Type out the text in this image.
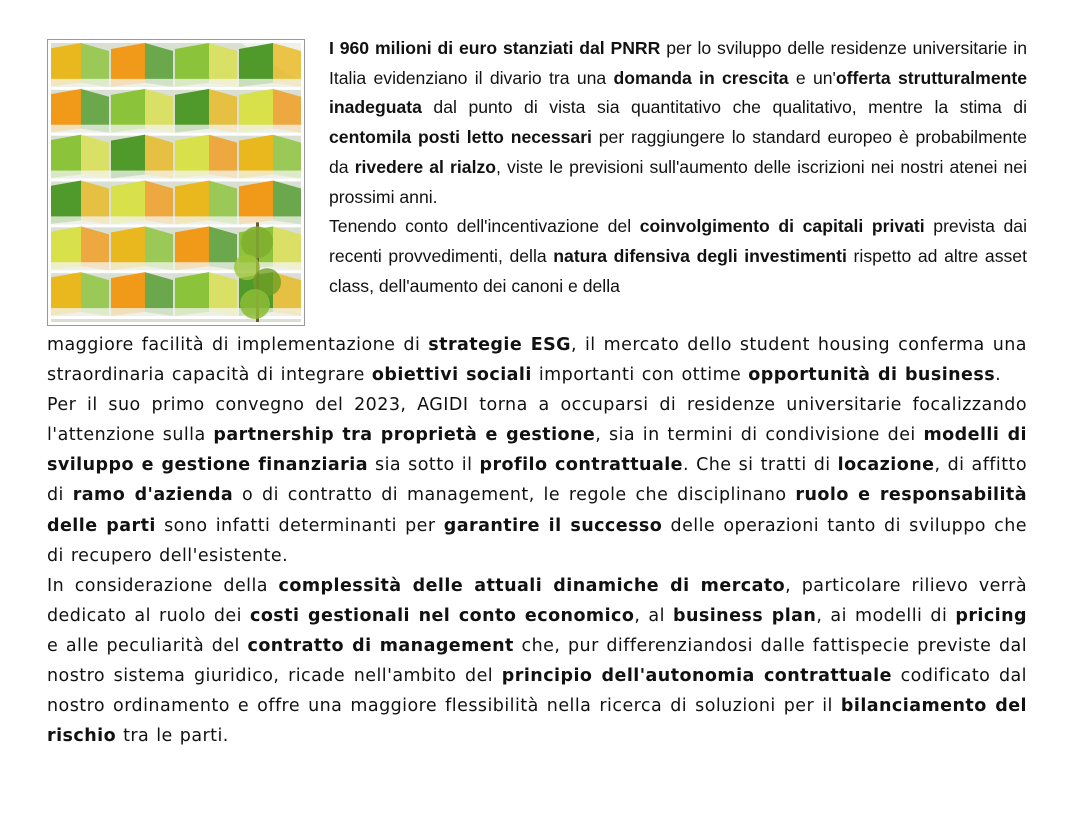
I 960 milioni di euro stanziati dal PNRR per lo sviluppo delle residenze universitarie in Italia evidenziano il divario tra una domanda in crescita e un'offerta strutturalmente inadeguata dal punto di vista sia quantitativo che qualitativo, mentre la stima di centomila posti letto necessari per raggiungere lo standard europeo è probabilmente da rivedere al rialzo, viste le previsioni sull'aumento delle iscrizioni nei nostri atenei nei prossimi anni.
Tenendo conto dell'incentivazione del coinvolgimento di capitali privati prevista dai recenti provvedimenti, della natura difensiva degli investimenti rispetto ad altre asset class, dell'aumento dei canoni e della

maggiore facilità di implementazione di strategie ESG, il mercato dello student housing conferma una straordinaria capacità di integrare obiettivi sociali importanti con ottime opportunità di business.
Per il suo primo convegno del 2023, AGIDI torna a occuparsi di residenze universitarie focalizzando l'attenzione sulla partnership tra proprietà e gestione, sia in termini di condivisione dei modelli di sviluppo e gestione finanziaria sia sotto il profilo contrattuale. Che si tratti di locazione, di affitto di ramo d'azienda o di contratto di management, le regole che disciplinano ruolo e responsabilità delle parti sono infatti determinanti per garantire il successo delle operazioni tanto di sviluppo che di recupero dell'esistente.
In considerazione della complessità delle attuali dinamiche di mercato, particolare rilievo verrà dedicato al ruolo dei costi gestionali nel conto economico, al business plan, ai modelli di pricing e alle peculiarità del contratto di management che, pur differenziandosi dalle fattispecie previste dal nostro sistema giuridico, ricade nell'ambito del principio dell'autonomia contrattuale codificato dal nostro ordinamento e offre una maggiore flessibilità nella ricerca di soluzioni per il bilanciamento del rischio tra le parti.
